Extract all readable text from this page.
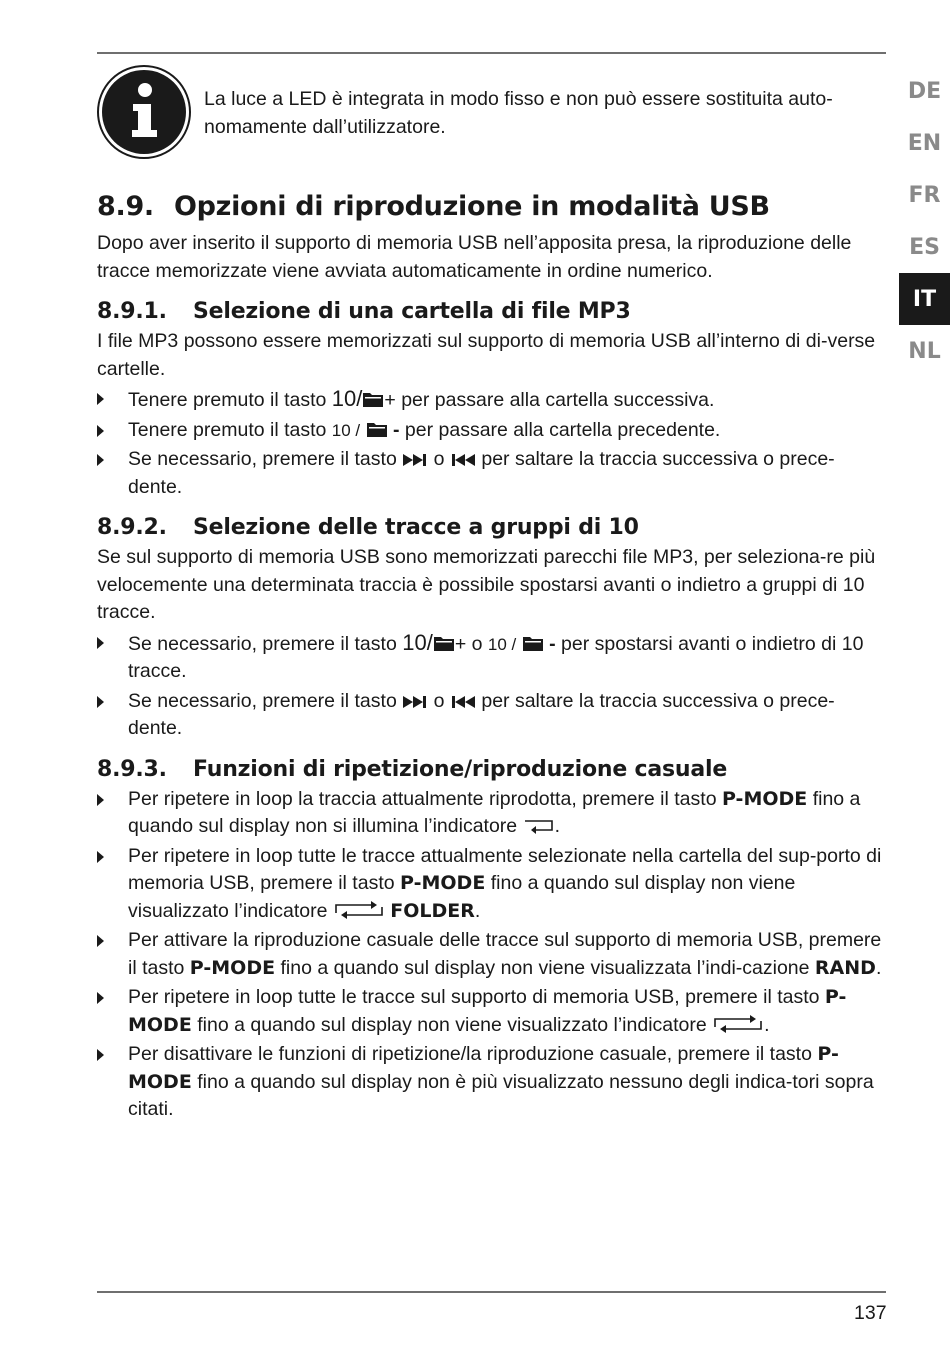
DE
EN
FR
ES
IT
NL
La luce a LED è integrata in modo fisso e non può essere sostituita auto-nomamente dall’utilizzatore.
8.9. Opzioni di riproduzione in modalità USB

Dopo aver inserito il supporto di memoria USB nell’apposita presa, la riproduzione delle tracce memorizzate viene avviata automaticamente in ordine numerico.

8.9.1. Selezione di una cartella di file MP3

I file MP3 possono essere memorizzati sul supporto di memoria USB all’interno di di-verse cartelle.

Tenere premuto il tasto 10/ + per passare alla cartella successiva.
Tenere premuto il tasto 10 / - per passare alla cartella precedente.
Se necessario, premere il tasto o per saltare la traccia successiva o prece-dente.
8.9.2. Selezione delle tracce a gruppi di 10

Se sul supporto di memoria USB sono memorizzati parecchi file MP3, per seleziona-re più velocemente una determinata traccia è possibile spostarsi avanti o indietro a gruppi di 10 tracce.

Se necessario, premere il tasto 10/ + o 10 / - per spostarsi avanti o indietro di 10 tracce.
Se necessario, premere il tasto o per saltare la traccia successiva o prece-dente.
8.9.3. Funzioni di ripetizione/riproduzione casuale
Per ripetere in loop la traccia attualmente riprodotta, premere il tasto P-MODE fino a quando sul display non si illumina l’indicatore .
Per ripetere in loop tutte le tracce attualmente selezionate nella cartella del sup-porto di memoria USB, premere il tasto P-MODE fino a quando sul display non viene visualizzato l’indicatore	FOLDER.
Per attivare la riproduzione casuale delle tracce sul supporto di memoria USB, premere il tasto P-MODE fino a quando sul display non viene visualizzata l’indi-cazione RAND.
Per ripetere in loop tutte le tracce sul supporto di memoria USB, premere il tasto P-MODE fino a quando sul display non viene visualizzato l’indicatore	.
Per disattivare le funzioni di ripetizione/la riproduzione casuale, premere il tasto P-MODE fino a quando sul display non è più visualizzato nessuno degli indica-tori sopra citati.
137
